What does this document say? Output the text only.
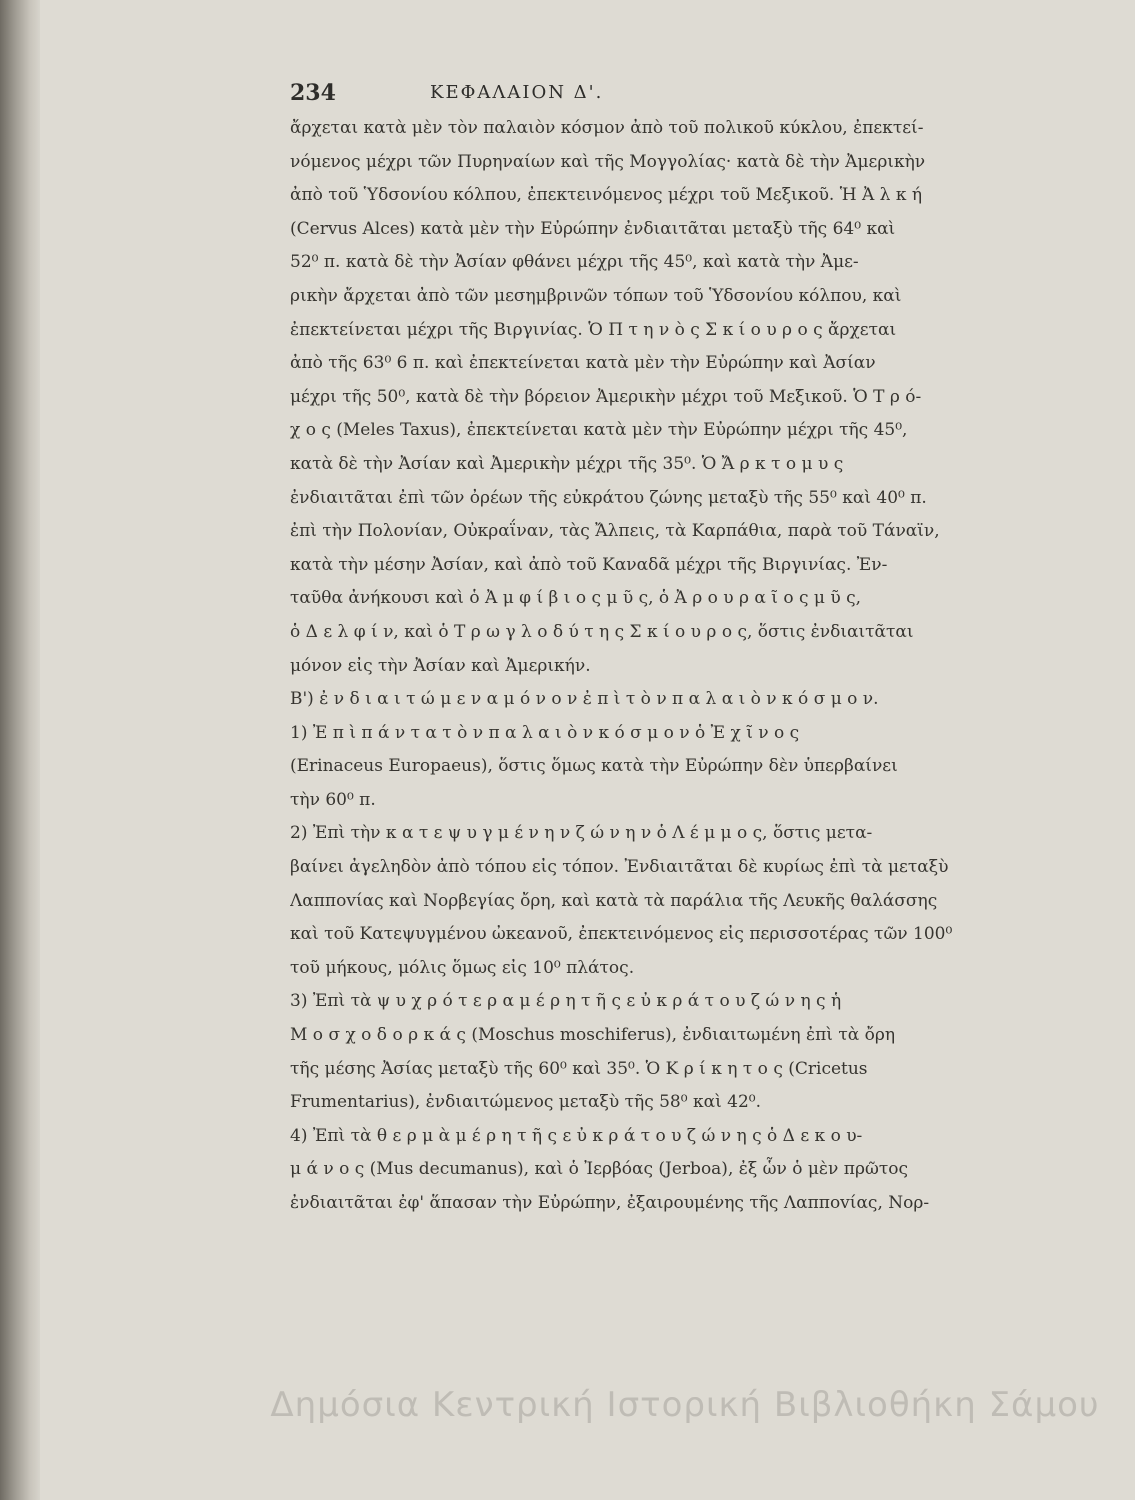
234	ΚΕΦΑΛΑΙΟΝ Δ'.
ἄρχεται κατὰ μὲν τὸν παλαιὸν κόσμον ἀπὸ τοῦ πολικοῦ κύκλου, ἐπεκτεί-
νόμενος μέχρι τῶν Πυρηναίων καὶ τῆς Μογγολίας· κατὰ δὲ τὴν Ἀμερικὴν
ἀπὸ τοῦ Ὑδσονίου κόλπου, ἐπεκτεινόμενος μέχρι τοῦ Μεξικοῦ. Ἡ Ἀ λ κ ή
(Cervus Alces) κατὰ μὲν τὴν Εὐρώπην ἐνδιαιτᾶται μεταξὺ τῆς 64⁰ καὶ
52⁰ π. κατὰ δὲ τὴν Ἀσίαν φθάνει μέχρι τῆς 45⁰, καὶ κατὰ τὴν Ἀμε-
ρικὴν ἄρχεται ἀπὸ τῶν μεσημβρινῶν τόπων τοῦ Ὑδσονίου κόλπου, καὶ
ἐπεκτείνεται μέχρι τῆς Βιργινίας. Ὁ Π τ η ν ὸ ς Σ κ ί ο υ ρ ο ς ἄρχεται
ἀπὸ τῆς 63⁰ 6 π. καὶ ἐπεκτείνεται κατὰ μὲν τὴν Εὐρώπην καὶ Ἀσίαν
μέχρι τῆς 50⁰, κατὰ δὲ τὴν βόρειον Ἀμερικὴν μέχρι τοῦ Μεξικοῦ. Ὁ Τ ρ ό-
χ ο ς (Meles Taxus), ἐπεκτείνεται κατὰ μὲν τὴν Εὐρώπην μέχρι τῆς 45⁰,
κατὰ δὲ τὴν Ἀσίαν καὶ Ἀμερικὴν μέχρι τῆς 35⁰. Ὁ Ἄ ρ κ τ ο μ υ ς
ἐνδιαιτᾶται ἐπὶ τῶν ὀρέων τῆς εὐκράτου ζώνης μεταξὺ τῆς 55⁰ καὶ 40⁰ π.
ἐπὶ τὴν Πολονίαν, Οὐκραΐναν, τὰς Ἄλπεις, τὰ Καρπάθια, παρὰ τοῦ Τάναϊν,
κατὰ τὴν μέσην Ἀσίαν, καὶ ἀπὸ τοῦ Καναδᾶ μέχρι τῆς Βιργινίας. Ἐν-
ταῦθα ἀνήκουσι καὶ ὁ Ἀ μ φ ί β ι ο ς μ ῦ ς, ὁ Ἀ ρ ο υ ρ α ῖ ο ς μ ῦ ς,
ὁ Δ ε λ φ ί ν, καὶ ὁ Τ ρ ω γ λ ο δ ύ τ η ς Σ κ ί ο υ ρ ο ς, ὅστις ἐνδιαιτᾶται
μόνον εἰς τὴν Ἀσίαν καὶ Ἀμερικήν.
Β') ἐ ν δ ι α ι τ ώ μ ε ν α μ ό ν ο ν ἐ π ὶ τ ὸ ν π α λ α ι ὸ ν κ ό σ μ ο ν.
1) Ἐ π ὶ π ά ν τ α τ ὸ ν π α λ α ι ὸ ν κ ό σ μ ο ν ὁ Ἐ χ ῖ ν ο ς
(Erinaceus Europaeus), ὅστις ὅμως κατὰ τὴν Εὐρώπην δὲν ὑπερβαίνει
τὴν 60⁰ π.
2) Ἐπὶ τὴν κ α τ ε ψ υ γ μ έ ν η ν ζ ώ ν η ν ὁ Λ έ μ μ ο ς, ὅστις μετα-
βαίνει ἀγεληδὸν ἀπὸ τόπου εἰς τόπον. Ἐνδιαιτᾶται δὲ κυρίως ἐπὶ τὰ μεταξὺ
Λαπποvίας καὶ Νορβεγίας ὄρη, καὶ κατὰ τὰ παράλια τῆς Λευκῆς θαλάσσης
καὶ τοῦ Κατεψυγμένου ὠκεανοῦ, ἐπεκτεινόμενος εἰς περισσοτέρας τῶν 100⁰
τοῦ μήκους, μόλις ὅμως εἰς 10⁰ πλάτος.
3) Ἐπὶ τὰ ψ υ χ ρ ό τ ε ρ α μ έ ρ η τ ῆ ς ε ὐ κ ρ ά τ ο υ ζ ώ ν η ς ἡ
Μ ο σ χ ο δ ο ρ κ ά ς (Moschus moschiferus), ἐνδιαιτωμένη ἐπὶ τὰ ὄρη
τῆς μέσης Ἀσίας μεταξὺ τῆς 60⁰ καὶ 35⁰. Ὁ Κ ρ ί κ η τ ο ς (Cricetus
Frumentarius), ἐνδιαιτώμενος μεταξὺ τῆς 58⁰ καὶ 42⁰.
4) Ἐπὶ τὰ θ ε ρ μ ὰ μ έ ρ η τ ῆ ς ε ὐ κ ρ ά τ ο υ ζ ώ ν η ς ὁ Δ ε κ ο υ-
μ ά ν ο ς (Mus decumanus), καὶ ὁ Ἰερβόας (Jerboa), ἐξ ὧν ὁ μὲν πρῶτος
ἐνδιαιτᾶται ἐφ' ἅπασαν τὴν Εὐρώπην, ἐξαιρουμένης τῆς Λαπποvίας, Νορ-
Δημόσια Κεντρική Ιστορική Βιβλιοθήκη Σάμου
